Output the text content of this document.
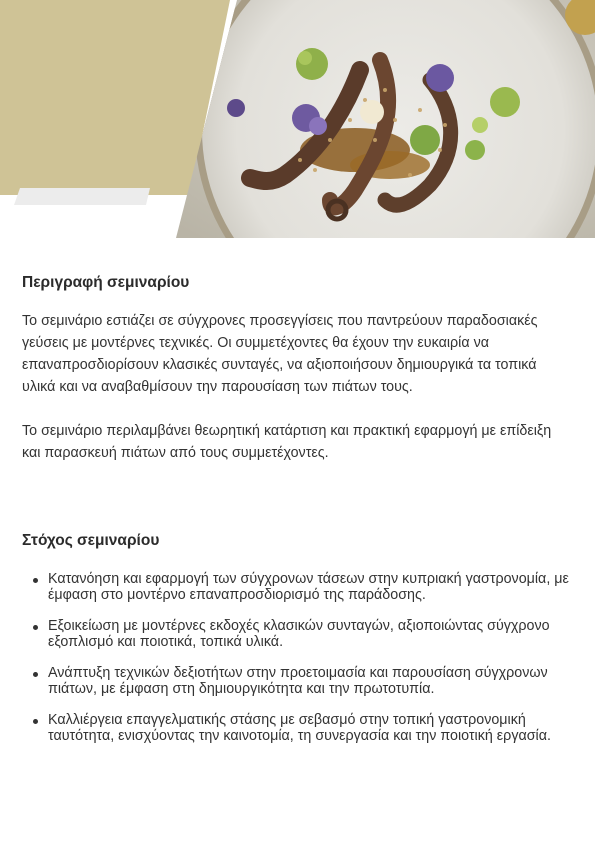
Περιγραφή σεμιναρίου

Το σεμινάριο εστιάζει σε σύγχρονες προσεγγίσεις που παντρεύουν παραδοσιακές γεύσεις με μοντέρνες τεχνικές. Οι συμμετέχοντες θα έχουν την ευκαιρία να επαναπροσδιορίσουν κλασικές συνταγές, να αξιοποιήσουν δημιουργικά τα τοπικά υλικά και να αναβαθμίσουν την παρουσίαση των πιάτων τους.

Το σεμινάριο περιλαμβάνει θεωρητική κατάρτιση και πρακτική εφαρμογή με επίδειξη και παρασκευή πιάτων από τους συμμετέχοντες.

Στόχος σεμιναρίου
Κατανόηση και εφαρμογή των σύγχρονων τάσεων στην κυπριακή γαστρονομία, με έμφαση στο μοντέρνο επαναπροσδιορισμό της παράδοσης.
Εξοικείωση με μοντέρνες εκδοχές κλασικών συνταγών, αξιοποιώντας σύγχρονο εξοπλισμό και ποιοτικά, τοπικά υλικά.
Ανάπτυξη τεχνικών δεξιοτήτων στην προετοιμασία και παρουσίαση σύγχρονων πιάτων, με έμφαση στη δημιουργικότητα και την πρωτοτυπία.
Καλλιέργεια επαγγελματικής στάσης με σεβασμό στην τοπική γαστρονομική ταυτότητα, ενισχύοντας την καινοτομία, τη συνεργασία και την ποιοτική εργασία.
